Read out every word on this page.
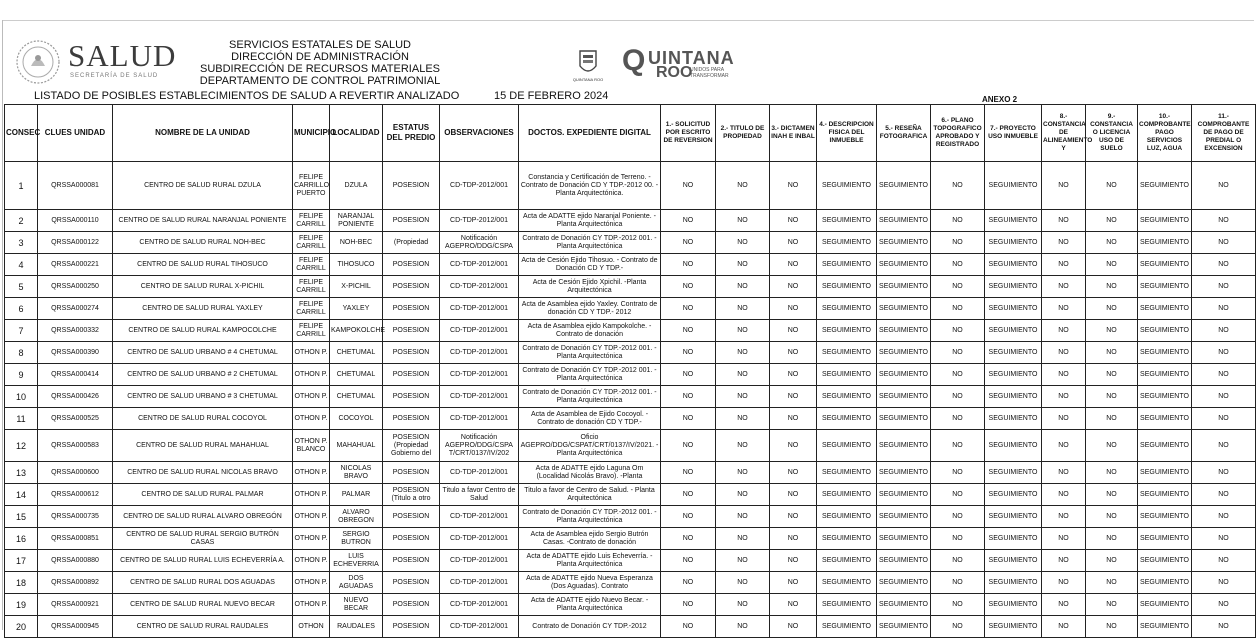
SALUD
SECRETARÍA DE SALUD
SERVICIOS ESTATALES DE SALUD
DIRECCIÓN DE ADMINISTRACIÓN
SUBDIRECCIÓN DE RECURSOS MATERIALES
DEPARTAMENTO DE CONTROL PATRIMONIAL	QUINTANA ROO
Q UINTANA
ROO
UNIDOS PARA TRANSFORMAR
LISTADO DE POSIBLES ESTABLECIMIENTOS DE SALUD A REVERTIR ANALIZADO	15 DE FEBRERO 2024	ANEXO 2
CONSEC	CLUES UNIDAD	NOMBRE DE LA UNIDAD	MUNICIPIO	LOCALIDAD	ESTATUS DEL PREDIO	OBSERVACIONES	DOCTOS. EXPEDIENTE DIGITAL	1.- SOLICITUD POR ESCRITO DE REVERSION	2.- TITULO DE PROPIEDAD	3.- DICTAMEN INAH E INBAL	4.- DESCRIPCION FISICA DEL INMUEBLE	5.- RESEÑA FOTOGRAFICA	6.- PLANO TOPOGRAFICO APROBADO Y REGISTRADO	7.- PROYECTO USO INMUEBLE	8.- CONSTANCIA DE ALINEAMIENTO Y	9.- CONSTANCIA O LICENCIA USO DE SUELO	10.- COMPROBANTE PAGO SERVICIOS LUZ, AGUA	11.- COMPROBANTE DE PAGO DE PREDIAL O EXCENSION

1	QRSSA000081	CENTRO DE SALUD RURAL DZULA	FELIPE CARRILLO PUERTO	DZULA	POSESION	CD-TDP-2012/001	Constancia y Certificación de Terreno. -Contrato de Donación CD Y TDP.-2012 00. -Planta Arquitectónica.	NO	NO	NO	SEGUIMIENTO	SEGUIMIENTO	NO	SEGUIMIENTO	NO	NO	SEGUIMIENTO	NO

2	QRSSA000110	CENTRO DE SALUD RURAL NARANJAL PONIENTE	FELIPE CARRILL	NARANJAL PONIENTE	POSESION	CD-TDP-2012/001	Acta de ADATTE ejido Naranjal Poniente. -Planta Arquitectónica	NO	NO	NO	SEGUIMIENTO	SEGUIMIENTO	NO	SEGUIMIENTO	NO	NO	SEGUIMIENTO	NO

3	QRSSA000122	CENTRO DE SALUD RURAL NOH-BEC	FELIPE CARRILL	NOH-BEC	(Propiedad	Notificación AGEPRO/DDG/CSPA	Contrato de Donación CY TDP.-2012 001. - Planta Arquitectónica	NO	NO	NO	SEGUIMIENTO	SEGUIMIENTO	NO	SEGUIMIENTO	NO	NO	SEGUIMIENTO	NO

4	QRSSA000221	CENTRO DE SALUD RURAL TIHOSUCO	FELIPE CARRILL	TIHOSUCO	POSESION	CD-TDP-2012/001	Acta de Cesión Ejido Tihosuo. - Contrato de Donación CD Y TDP.-	NO	NO	NO	SEGUIMIENTO	SEGUIMIENTO	NO	SEGUIMIENTO	NO	NO	SEGUIMIENTO	NO

5	QRSSA000250	CENTRO DE SALUD RURAL X-PICHIL	FELIPE CARRILL	X-PICHIL	POSESION	CD-TDP-2012/001	Acta de Cesión Ejido Xpichil. -Planta Arquitectónica	NO	NO	NO	SEGUIMIENTO	SEGUIMIENTO	NO	SEGUIMIENTO	NO	NO	SEGUIMIENTO	NO

6	QRSSA000274	CENTRO DE SALUD RURAL YAXLEY	FELIPE CARRILL	YAXLEY	POSESION	CD-TDP-2012/001	Acta de Asamblea ejido Yaxley. Contrato de donación CD Y TDP.- 2012	NO	NO	NO	SEGUIMIENTO	SEGUIMIENTO	NO	SEGUIMIENTO	NO	NO	SEGUIMIENTO	NO

7	QRSSA000332	CENTRO DE SALUD RURAL KAMPOCOLCHE	FELIPE CARRILL	KAMPOKOLCHE	POSESION	CD-TDP-2012/001	Acta de Asamblea ejido Kampokolche. -Contrato de donación	NO	NO	NO	SEGUIMIENTO	SEGUIMIENTO	NO	SEGUIMIENTO	NO	NO	SEGUIMIENTO	NO

8	QRSSA000390	CENTRO DE SALUD URBANO # 4 CHETUMAL	OTHON P.	CHETUMAL	POSESION	CD-TDP-2012/001	Contrato de Donación CY TDP.-2012 001. - Planta Arquitectónica	NO	NO	NO	SEGUIMIENTO	SEGUIMIENTO	NO	SEGUIMIENTO	NO	NO	SEGUIMIENTO	NO

9	QRSSA000414	CENTRO DE SALUD URBANO # 2 CHETUMAL	OTHON P.	CHETUMAL	POSESION	CD-TDP-2012/001	Contrato de Donación CY TDP.-2012 001. - Planta Arquitectónica	NO	NO	NO	SEGUIMIENTO	SEGUIMIENTO	NO	SEGUIMIENTO	NO	NO	SEGUIMIENTO	NO

10	QRSSA000426	CENTRO DE SALUD URBANO # 3 CHETUMAL	OTHON P.	CHETUMAL	POSESION	CD-TDP-2012/001	Contrato de Donación CY TDP.-2012 001. - Planta Arquitectónica	NO	NO	NO	SEGUIMIENTO	SEGUIMIENTO	NO	SEGUIMIENTO	NO	NO	SEGUIMIENTO	NO

11	QRSSA000525	CENTRO DE SALUD RURAL COCOYOL	OTHON P.	COCOYOL	POSESION	CD-TDP-2012/001	Acta de Asamblea de Ejido Cocoyol. - Contrato de donación CD Y TDP.-	NO	NO	NO	SEGUIMIENTO	SEGUIMIENTO	NO	SEGUIMIENTO	NO	NO	SEGUIMIENTO	NO

12	QRSSA000583	CENTRO DE SALUD RURAL MAHAHUAL	OTHON P. BLANCO	MAHAHUAL	POSESION (Propiedad Gobierno del	Notificación AGEPRO/DDG/CSPA T/CRT/0137/IV/202	Oficio AGEPRO/DDG/CSPAT/CRT/0137/IV/2021. - Planta Arquitectónica	NO	NO	NO	SEGUIMIENTO	SEGUIMIENTO	NO	SEGUIMIENTO	NO	NO	SEGUIMIENTO	NO

13	QRSSA000600	CENTRO DE SALUD RURAL NICOLAS BRAVO	OTHON P.	NICOLAS BRAVO	POSESION	CD-TDP-2012/001	Acta de ADATTE ejido Laguna Om (Localidad Nicolás Bravo). -Planta	NO	NO	NO	SEGUIMIENTO	SEGUIMIENTO	NO	SEGUIMIENTO	NO	NO	SEGUIMIENTO	NO

14	QRSSA000612	CENTRO DE SALUD RURAL PALMAR	OTHON P.	PALMAR	POSESION (Titulo a otro	Titulo a favor Centro de Salud	Titulo a favor de Centro de Salud. - Planta Arquitectónica	NO	NO	NO	SEGUIMIENTO	SEGUIMIENTO	NO	SEGUIMIENTO	NO	NO	SEGUIMIENTO	NO

15	QRSSA000735	CENTRO DE SALUD RURAL ALVARO OBREGÓN	OTHON P.	ALVARO OBREGON	POSESION	CD-TDP-2012/001	Contrato de Donación CY TDP.-2012 001. - Planta Arquitectónica	NO	NO	NO	SEGUIMIENTO	SEGUIMIENTO	NO	SEGUIMIENTO	NO	NO	SEGUIMIENTO	NO

16	QRSSA000851	CENTRO DE SALUD RURAL SERGIO BUTRÓN CASAS	OTHON P.	SERGIO BUTRON	POSESION	CD-TDP-2012/001	Acta de Asamblea ejido Sergio Butrón Casas. -Contrato de donación	NO	NO	NO	SEGUIMIENTO	SEGUIMIENTO	NO	SEGUIMIENTO	NO	NO	SEGUIMIENTO	NO

17	QRSSA000880	CENTRO DE SALUD RURAL LUIS ECHEVERRÍA A.	OTHON P.	LUIS ECHEVERRIA	POSESION	CD-TDP-2012/001	Acta de ADATTE ejido Luis Echeverría. -Planta Arquitectónica	NO	NO	NO	SEGUIMIENTO	SEGUIMIENTO	NO	SEGUIMIENTO	NO	NO	SEGUIMIENTO	NO

18	QRSSA000892	CENTRO DE SALUD RURAL DOS AGUADAS	OTHON P.	DOS AGUADAS	POSESION	CD-TDP-2012/001	Acta de ADATTE ejido Nueva Esperanza (Dos Aguadas). Contrato	NO	NO	NO	SEGUIMIENTO	SEGUIMIENTO	NO	SEGUIMIENTO	NO	NO	SEGUIMIENTO	NO

19	QRSSA000921	CENTRO DE SALUD RURAL NUEVO BECAR	OTHON P.	NUEVO BECAR	POSESION	CD-TDP-2012/001	Acta de ADATTE ejido Nuevo Becar. - Planta Arquitectónica	NO	NO	NO	SEGUIMIENTO	SEGUIMIENTO	NO	SEGUIMIENTO	NO	NO	SEGUIMIENTO	NO

20	QRSSA000945	CENTRO DE SALUD RURAL RAUDALES	OTHON	RAUDALES	POSESION	CD-TDP-2012/001	Contrato de Donación CY TDP.-2012	NO	NO	NO	SEGUIMIENTO	SEGUIMIENTO	NO	SEGUIMIENTO	NO	NO	SEGUIMIENTO	NO
